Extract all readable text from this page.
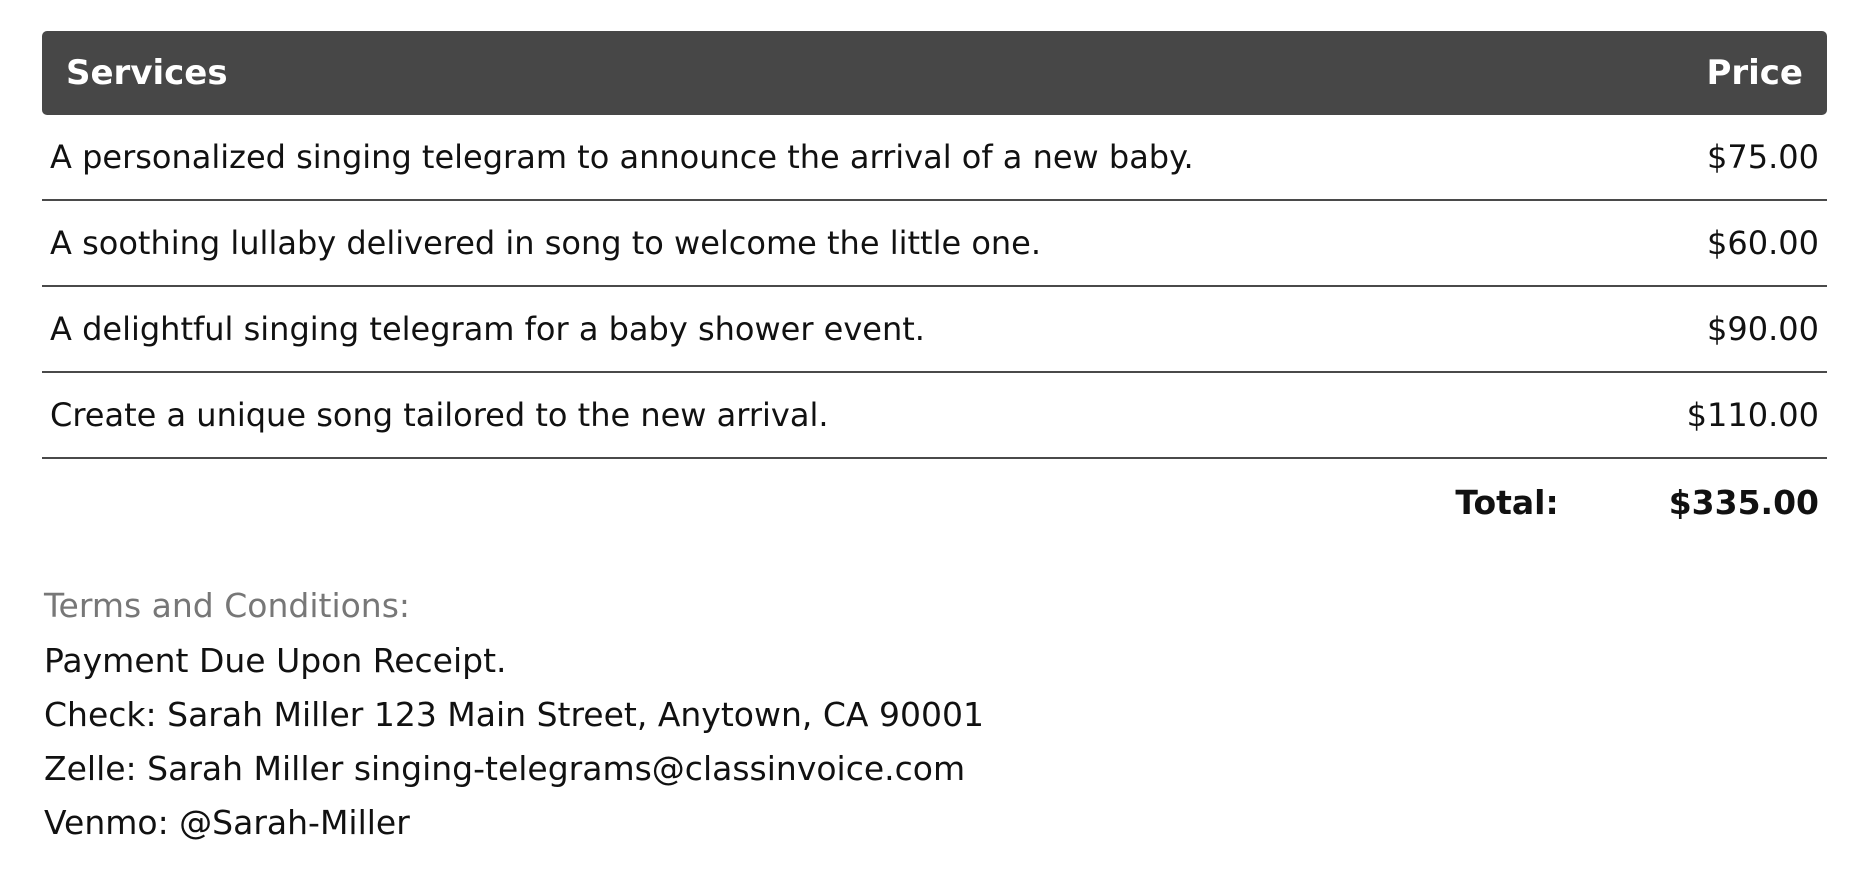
Services	Price
A personalized singing telegram to announce the arrival of a new baby.	$75.00
A soothing lullaby delivered in song to welcome the little one.	$60.00
A delightful singing telegram for a baby shower event.	$90.00
Create a unique song tailored to the new arrival.	$110.00
Total:	$335.00
Terms and Conditions:
Payment Due Upon Receipt.
Check: Sarah Miller 123 Main Street, Anytown, CA 90001
Zelle: Sarah Miller singing-telegrams@classinvoice.com
Venmo: @Sarah-Miller
